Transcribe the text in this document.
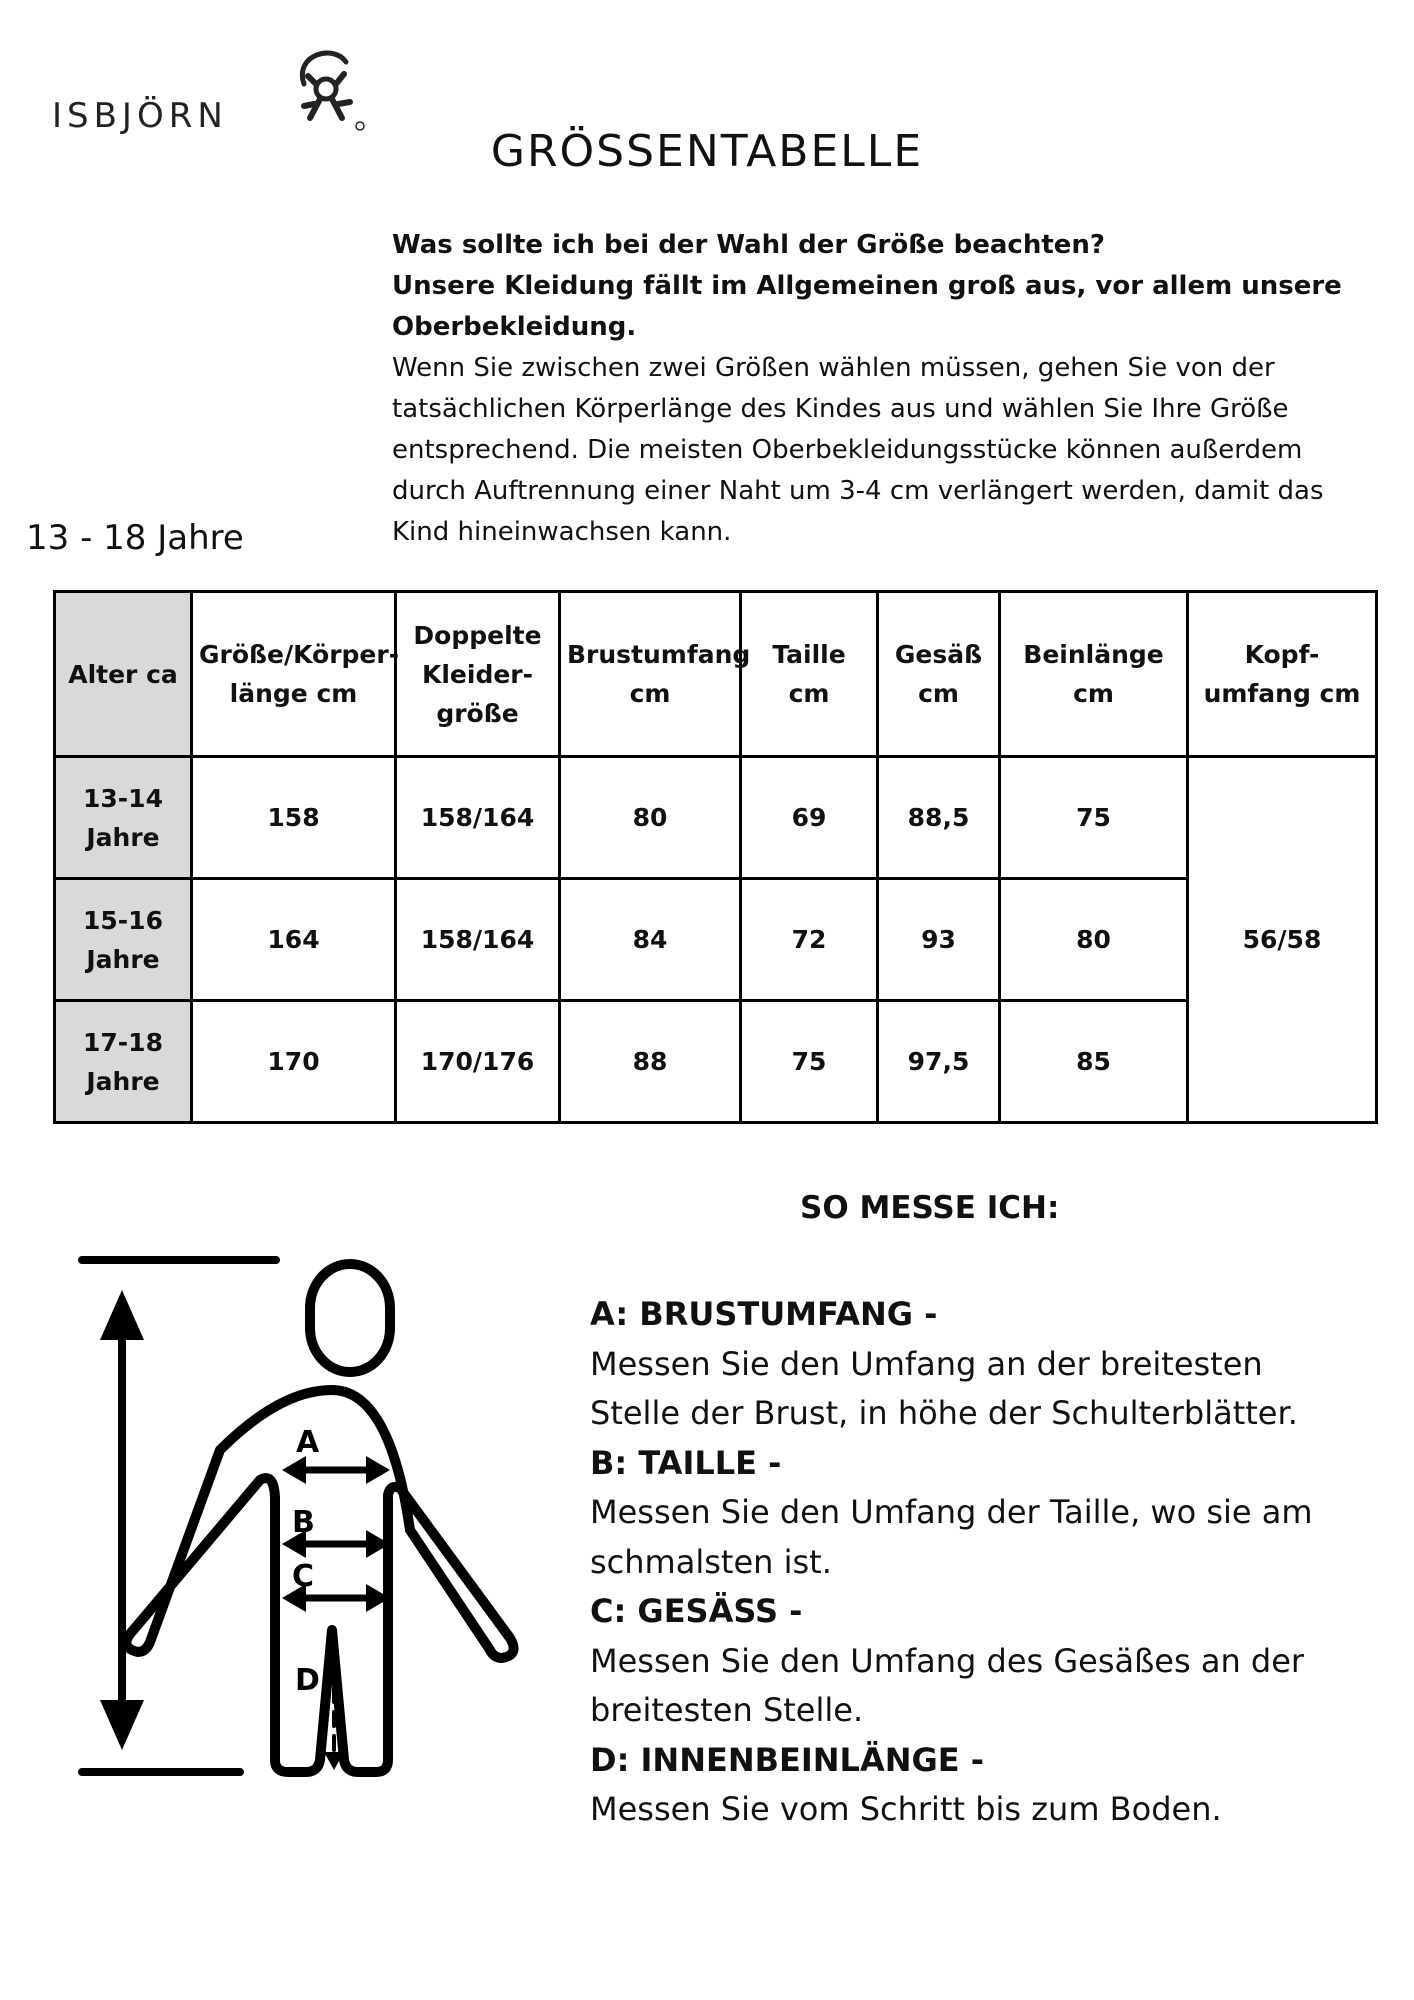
ISBJÖRN
GRÖSSENTABELLE
Was sollte ich bei der Wahl der Größe beachten?
Unsere Kleidung fällt im Allgemeinen groß aus, vor allem unsere Oberbekleidung.
Wenn Sie zwischen zwei Größen wählen müssen, gehen Sie von der tatsächlichen Körperlänge des Kindes aus und wählen Sie Ihre Größe entsprechend. Die meisten Oberbekleidungsstücke können außerdem durch Auftrennung einer Naht um 3-4 cm verlängert werden, damit das Kind hineinwachsen kann.
13 - 18 Jahre
Alter ca	Größe/Körper-länge cm	Doppelte Kleider-größe	Brustumfang cm	Taille cm	Gesäß cm	Beinlänge cm	Kopf-umfang cm
13-14 Jahre	158	158/164	80	69	88,5	75	56/58
15-16 Jahre	164	158/164	84	72	93	80	
17-18 Jahre	170	170/176	88	75	97,5	85	
A
B
C
D
SO MESSE ICH:
A: BRUSTUMFANG -
Messen Sie den Umfang an der breitesten Stelle der Brust, in höhe der Schulterblätter.
B: TAILLE -
Messen Sie den Umfang der Taille, wo sie am schmalsten ist.
C: GESÄSS -
Messen Sie den Umfang des Gesäßes an der breitesten Stelle.
D: INNENBEINLÄNGE -
Messen Sie vom Schritt bis zum Boden.
